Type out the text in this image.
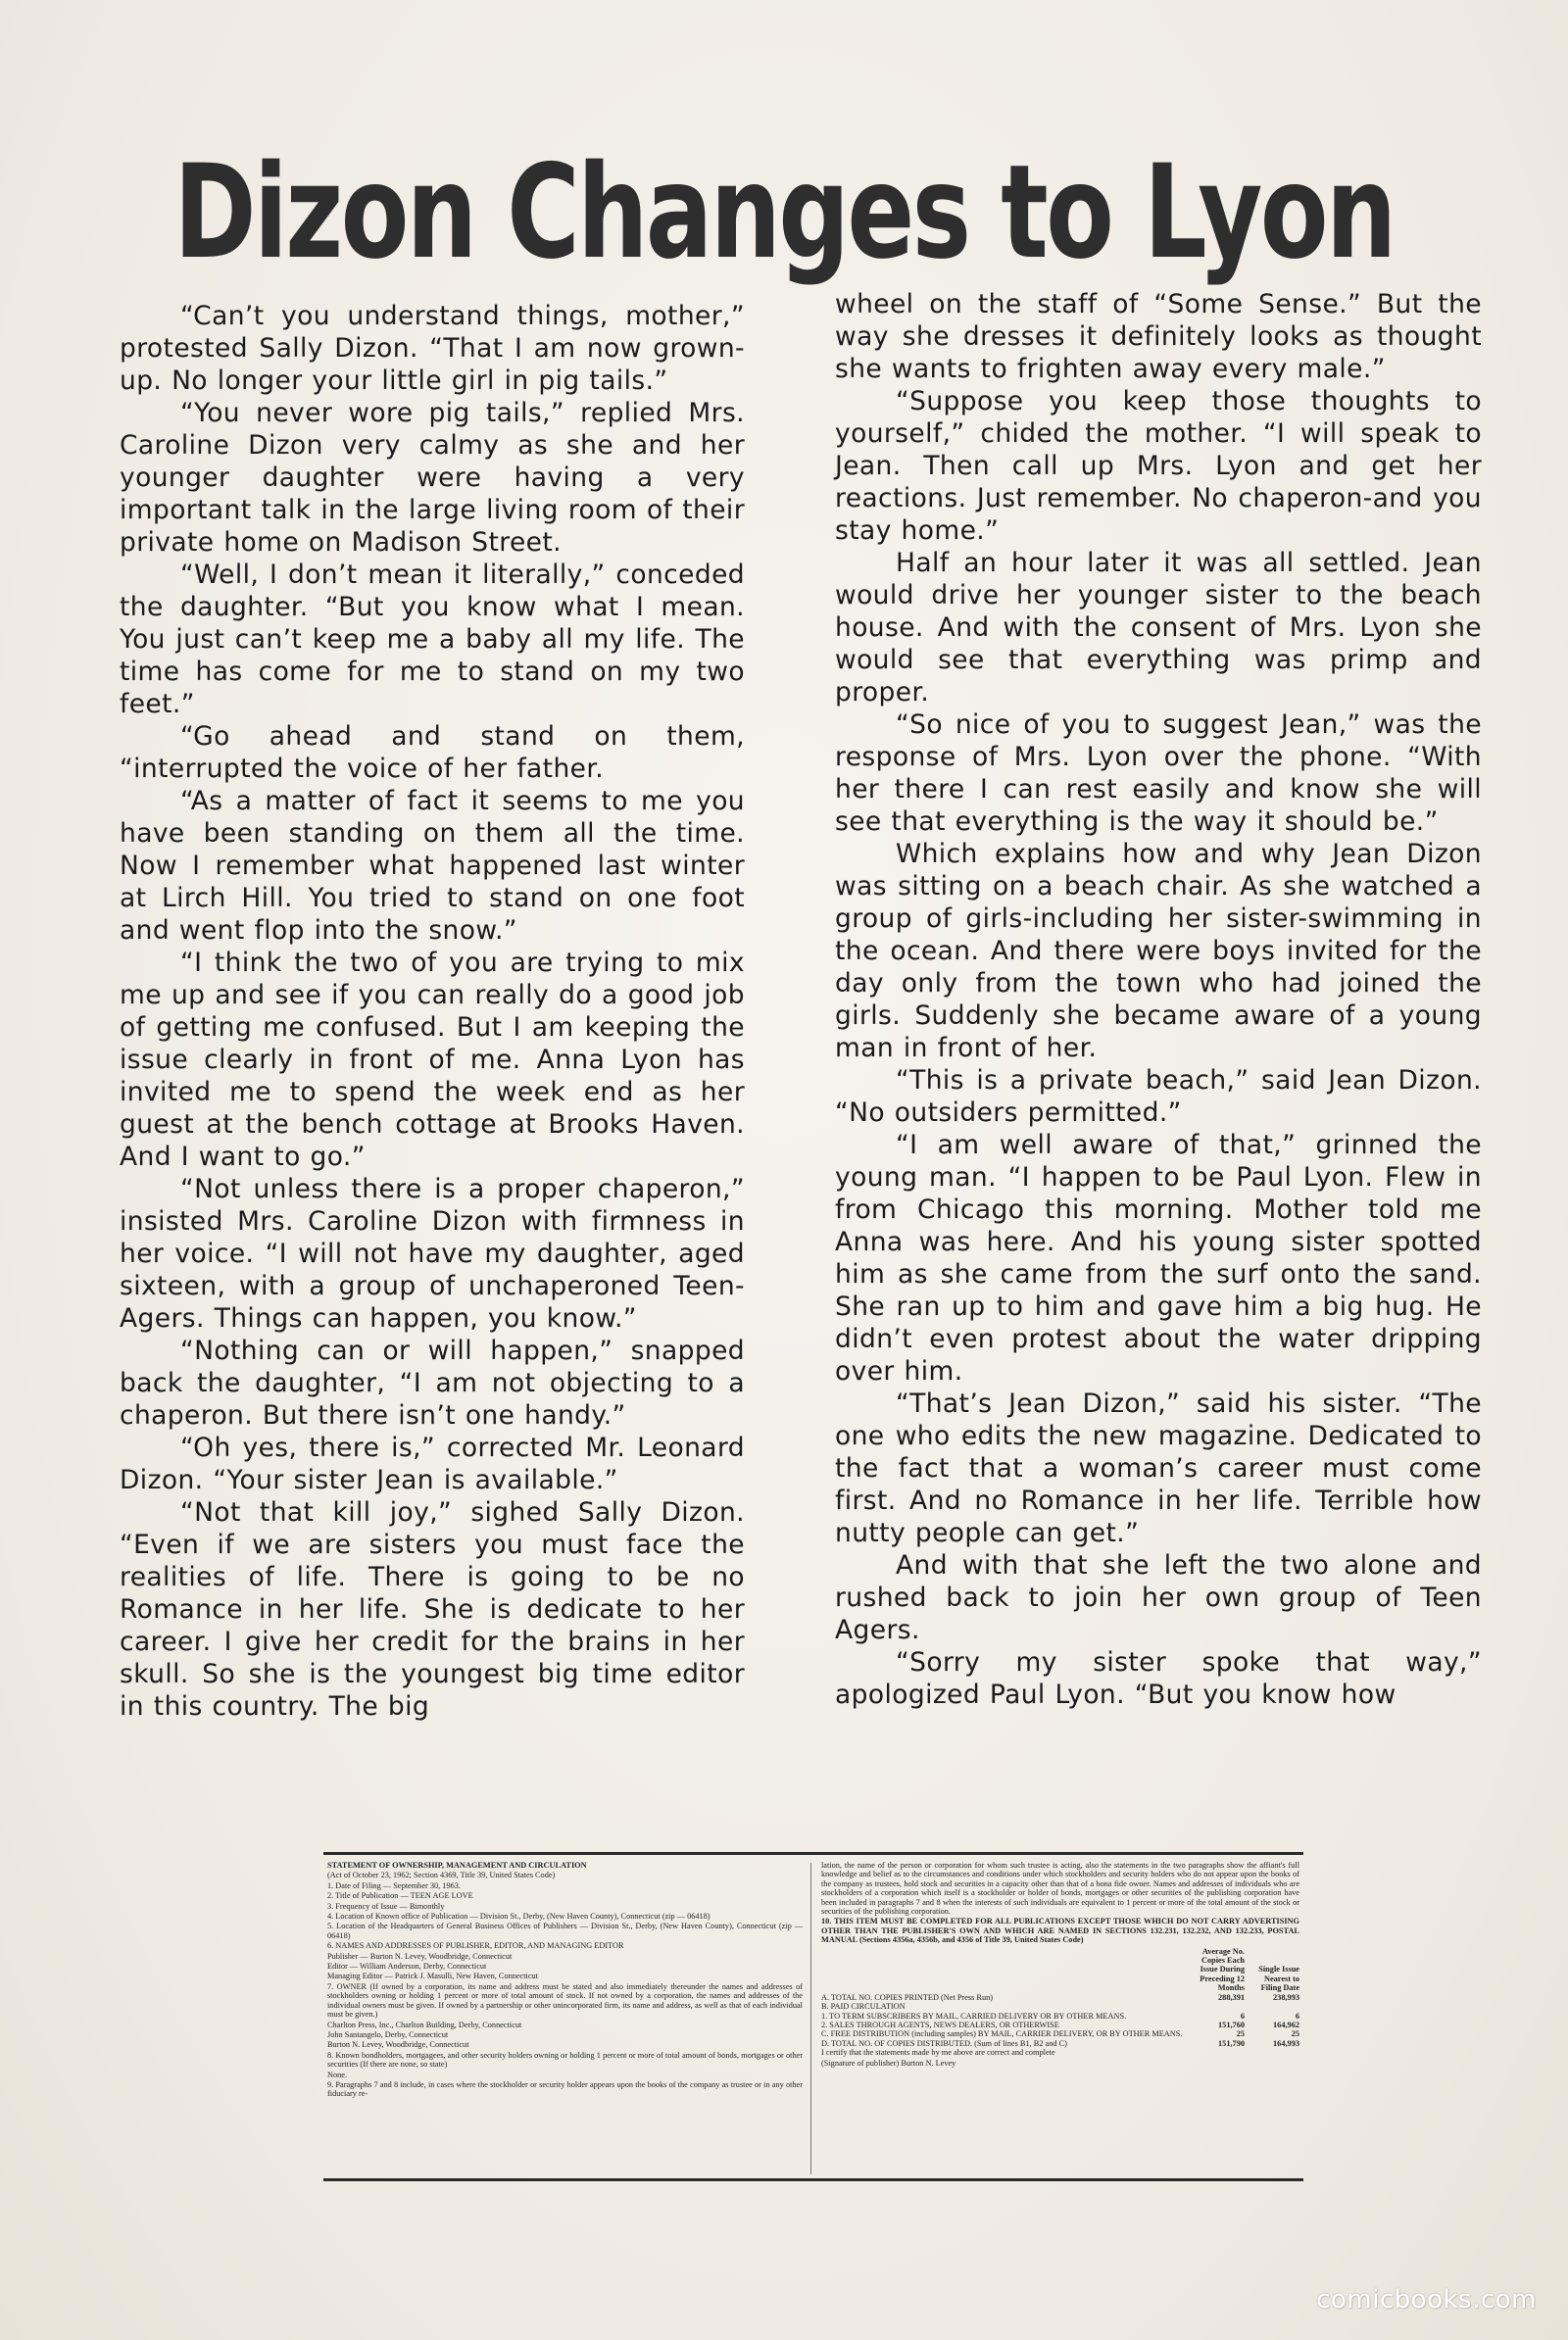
Dizon Changes to Lyon

“Can’t you understand things, mother,” protested Sally Dizon. “That I am now grown-up. No longer your little girl in pig tails.”

“You never wore pig tails,” replied Mrs. Caroline Dizon very calmy as she and her younger daughter were having a very important talk in the large living room of their private home on Madison Street.

“Well, I don’t mean it literally,” conceded the daughter. “But you know what I mean. You just can’t keep me a baby all my life. The time has come for me to stand on my two feet.”

“Go ahead and stand on them, “interrupted the voice of her father.

“As a matter of fact it seems to me you have been standing on them all the time. Now I remember what happened last winter at Lirch Hill. You tried to stand on one foot and went flop into the snow.”

“I think the two of you are trying to mix me up and see if you can really do a good job of getting me confused. But I am keeping the issue clearly in front of me. Anna Lyon has invited me to spend the week end as her guest at the bench cottage at Brooks Haven. And I want to go.”

“Not unless there is a proper chaperon,” insisted Mrs. Caroline Dizon with firmness in her voice. “I will not have my daughter, aged sixteen, with a group of unchaperoned Teen-Agers. Things can happen, you know.”

“Nothing can or will happen,” snapped back the daughter, “I am not objecting to a chaperon. But there isn’t one handy.”

“Oh yes, there is,” corrected Mr. Leonard Dizon. “Your sister Jean is available.”

“Not that kill joy,” sighed Sally Dizon. “Even if we are sisters you must face the realities of life. There is going to be no Romance in her life. She is dedicate to her career. I give her credit for the brains in her skull. So she is the youngest big time editor in this country. The big

wheel on the staff of “Some Sense.” But the way she dresses it definitely looks as thought she wants to frighten away every male.”

“Suppose you keep those thoughts to yourself,” chided the mother. “I will speak to Jean. Then call up Mrs. Lyon and get her reactions. Just remember. No chaperon-and you stay home.”

Half an hour later it was all settled. Jean would drive her younger sister to the beach house. And with the consent of Mrs. Lyon she would see that everything was primp and proper.

“So nice of you to suggest Jean,” was the response of Mrs. Lyon over the phone. “With her there I can rest easily and know she will see that everything is the way it should be.”

Which explains how and why Jean Dizon was sitting on a beach chair. As she watched a group of girls-including her sister-swimming in the ocean. And there were boys invited for the day only from the town who had joined the girls. Suddenly she became aware of a young man in front of her.

“This is a private beach,” said Jean Dizon. “No outsiders permitted.”

“I am well aware of that,” grinned the young man. “I happen to be Paul Lyon. Flew in from Chicago this morning. Mother told me Anna was here. And his young sister spotted him as she came from the surf onto the sand. She ran up to him and gave him a big hug. He didn’t even protest about the water dripping over him.

“That’s Jean Dizon,” said his sister. “The one who edits the new magazine. Dedicated to the fact that a woman’s career must come first. And no Romance in her life. Terrible how nutty people can get.”

And with that she left the two alone and rushed back to join her own group of Teen Agers.

“Sorry my sister spoke that way,” apologized Paul Lyon. “But you know how

STATEMENT OF OWNERSHIP, MANAGEMENT AND CIRCULATION

(Act of October 23, 1962; Section 4369, Title 39, United States Code)

1. Date of Filing — September 30, 1963.

2. Title of Publication — TEEN AGE LOVE

3. Frequency of Issue — Bimonthly

4. Location of Known office of Publication — Division St., Derby, (New Haven County), Connecticut (zip — 06418)

5. Location of the Headquarters of General Business Offices of Publishers — Division St., Derby, (New Haven County), Connecticut (zip — 06418)

6. NAMES AND ADDRESSES OF PUBLISHER, EDITOR, AND MANAGING EDITOR

Publisher — Burton N. Levey, Woodbridge, Connecticut

Editor — William Anderson, Derby, Connecticut

Managing Editor — Patrick J. Masulli, New Haven, Connecticut

7. OWNER (If owned by a corporation, its name and address must be stated and also immediately thereunder the names and addresses of stockholders owning or holding 1 percent or more of total amount of stock. If not owned by a corporation, the names and addresses of the individual owners must be given. If owned by a partnership or other unincorporated firm, its name and address, as well as that of each individual must be given.)

Charlton Press, Inc., Charlton Building, Derby, Connecticut

John Santangelo, Derby, Connecticut

Burton N. Levey, Woodbridge, Connecticut

8. Known bondholders, mortgagees, and other security holders owning or holding 1 percent or more of total amount of bonds, mortgages or other securities (If there are none, so state)

None.

9. Paragraphs 7 and 8 include, in cases where the stockholder or security holder appears upon the books of the company as trustee or in any other fiduciary re-

lation, the name of the person or corporation for whom such trustee is acting, also the statements in the two paragraphs show the affiant's full knowledge and belief as to the circumstances and conditions under which stockholders and security holders who do not appear upon the books of the company as trustees, hold stock and securities in a capacity other than that of a bona fide owner. Names and addresses of individuals who are stockholders of a corporation which itself is a stockholder or holder of bonds, mortgages or other securities of the publishing corporation have been included in paragraphs 7 and 8 when the interests of such individuals are equivalent to 1 percent or more of the total amount of the stock or securities of the publishing corporation.

10. THIS ITEM MUST BE COMPLETED FOR ALL PUBLICATIONS EXCEPT THOSE WHICH DO NOT CARRY ADVERTISING OTHER THAN THE PUBLISHER'S OWN AND WHICH ARE NAMED IN SECTIONS 132.231, 132.232, AND 132.233, POSTAL MANUAL (Sections 4356a, 4356b, and 4356 of Title 39, United States Code)

	Average No. Copies Each Issue During Preceding 12 Months	Single Issue Nearest to Filing Date
A. TOTAL NO. COPIES PRINTED (Net Press Run)	288,391	238,993
B. PAID CIRCULATION		
1. TO TERM SUBSCRIBERS BY MAIL, CARRIED DELIVERY OR BY OTHER MEANS.	6	6
2. SALES THROUGH AGENTS, NEWS DEALERS, OR OTHERWISE	151,760	164,962
C. FREE DISTRIBUTION (including samples) BY MAIL, CARRIER DELIVERY, OR BY OTHER MEANS.	25	25
D. TOTAL NO. OF COPIES DISTRIBUTED. (Sum of lines B1, B2 and C)	151,790	164,993

I certify that the statements made by me above are correct and complete

(Signature of publisher) Burton N. Levey

comicbooks.com
